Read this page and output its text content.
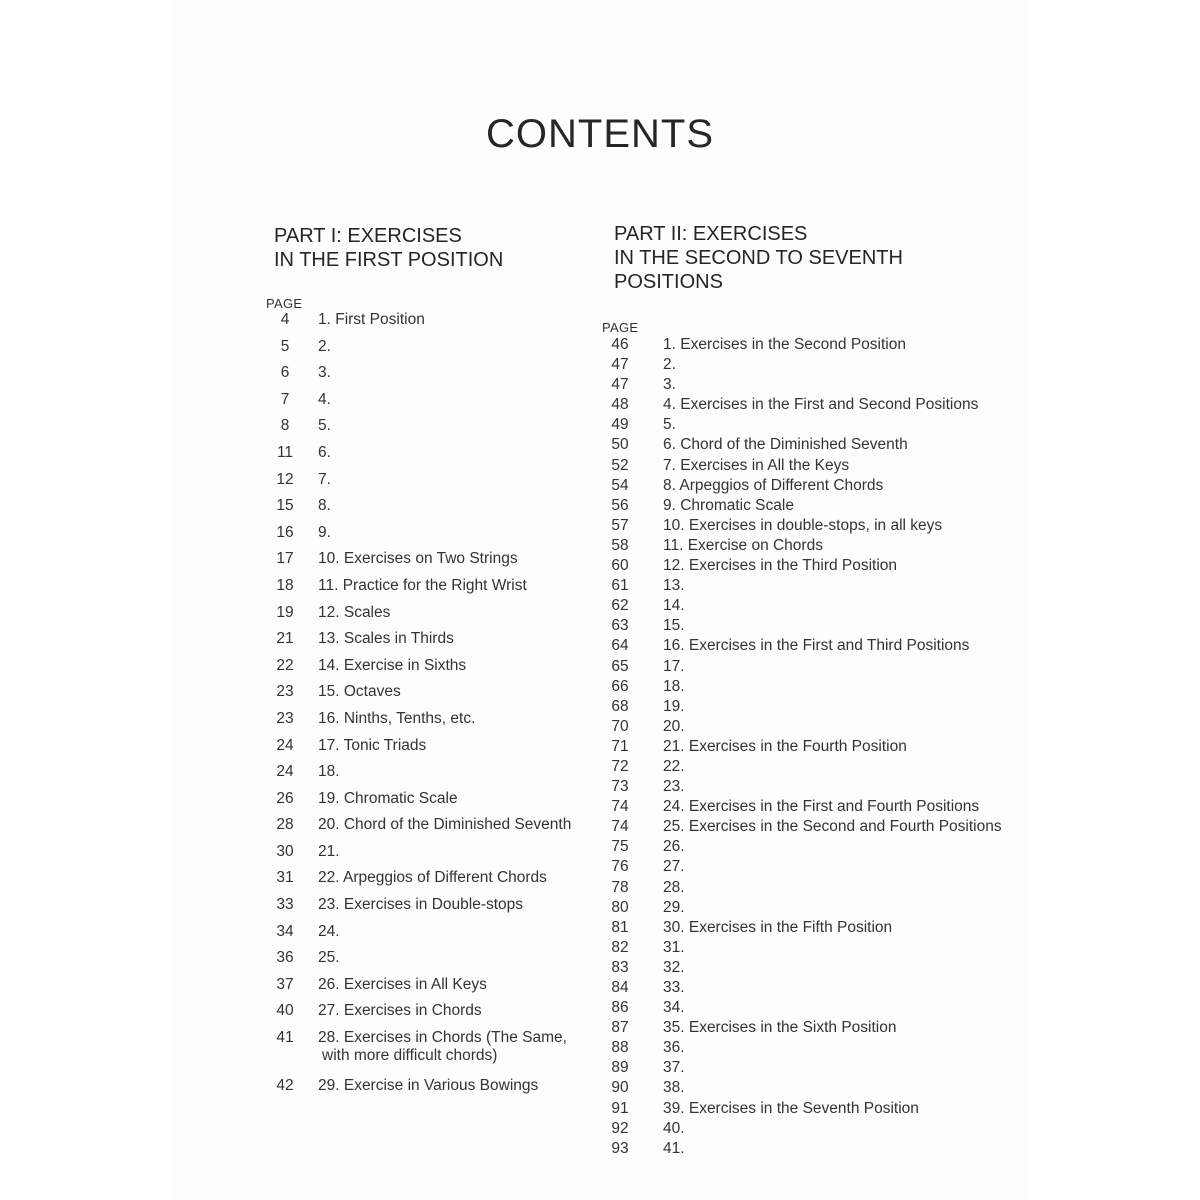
CONTENTS
PART I: EXERCISES
IN THE FIRST POSITION
PAGE
4	1. First Position
5	2.
6	3.
7	4.
8	5.
11	6.
12	7.
15	8.
16	9.
17	10. Exercises on Two Strings
18	11. Practice for the Right Wrist
19	12. Scales
21	13. Scales in Thirds
22	14. Exercise in Sixths
23	15. Octaves
23	16. Ninths, Tenths, etc.
24	17. Tonic Triads
24	18.
26	19. Chromatic Scale
28	20. Chord of the Diminished Seventh
30	21.
31	22. Arpeggios of Different Chords
33	23. Exercises in Double-stops
34	24.
36	25.
37	26. Exercises in All Keys
40	27. Exercises in Chords
41	28. Exercises in Chords (The Same,
with more difficult chords)
42	29. Exercise in Various Bowings
PART II: EXERCISES
IN THE SECOND TO SEVENTH POSITIONS
PAGE
46	1. Exercises in the Second Position
47	2.
47	3.
48	4. Exercises in the First and Second Positions
49	5.
50	6. Chord of the Diminished Seventh
52	7. Exercises in All the Keys
54	8. Arpeggios of Different Chords
56	9. Chromatic Scale
57	10. Exercises in double-stops, in all keys
58	11. Exercise on Chords
60	12. Exercises in the Third Position
61	13.
62	14.
63	15.
64	16. Exercises in the First and Third Positions
65	17.
66	18.
68	19.
70	20.
71	21. Exercises in the Fourth Position
72	22.
73	23.
74	24. Exercises in the First and Fourth Positions
74	25. Exercises in the Second and Fourth Positions
75	26.
76	27.
78	28.
80	29.
81	30. Exercises in the Fifth Position
82	31.
83	32.
84	33.
86	34.
87	35. Exercises in the Sixth Position
88	36.
89	37.
90	38.
91	39. Exercises in the Seventh Position
92	40.
93	41.
